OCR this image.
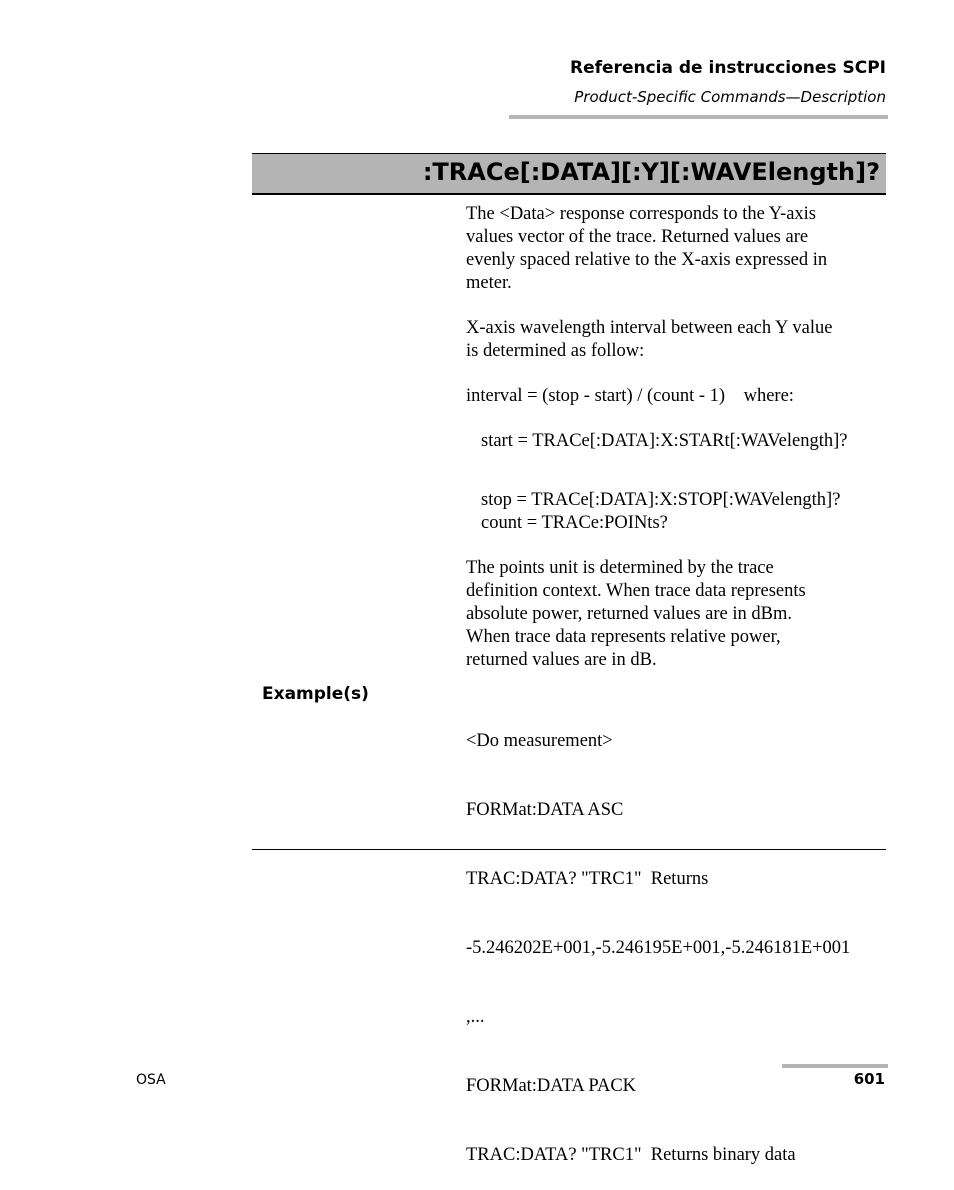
Referencia de instrucciones SCPI
Product-Specific Commands—Description
:TRACe[:DATA][:Y][:WAVElength]?
The <Data> response corresponds to the Y-axis
values vector of the trace. Returned values are
evenly spaced relative to the X-axis expressed in
meter.
X-axis wavelength interval between each Y value
is determined as follow:
interval = (stop - start) / (count - 1)    where:
start = TRACe[:DATA]:X:STARt[:WAVelength]?
stop = TRACe[:DATA]:X:STOP[:WAVelength]?
count = TRACe:POINts?
The points unit is determined by the trace
definition context. When trace data represents
absolute power, returned values are in dBm.
When trace data represents relative power,
returned values are in dB.
Example(s)

<Do measurement>

FORMat:DATA ASC

TRAC:DATA? "TRC1"  Returns

-5.246202E+001,-5.246195E+001,-5.246181E+001

,...

FORMat:DATA PACK

TRAC:DATA? "TRC1"  Returns binary data

OSA	601
